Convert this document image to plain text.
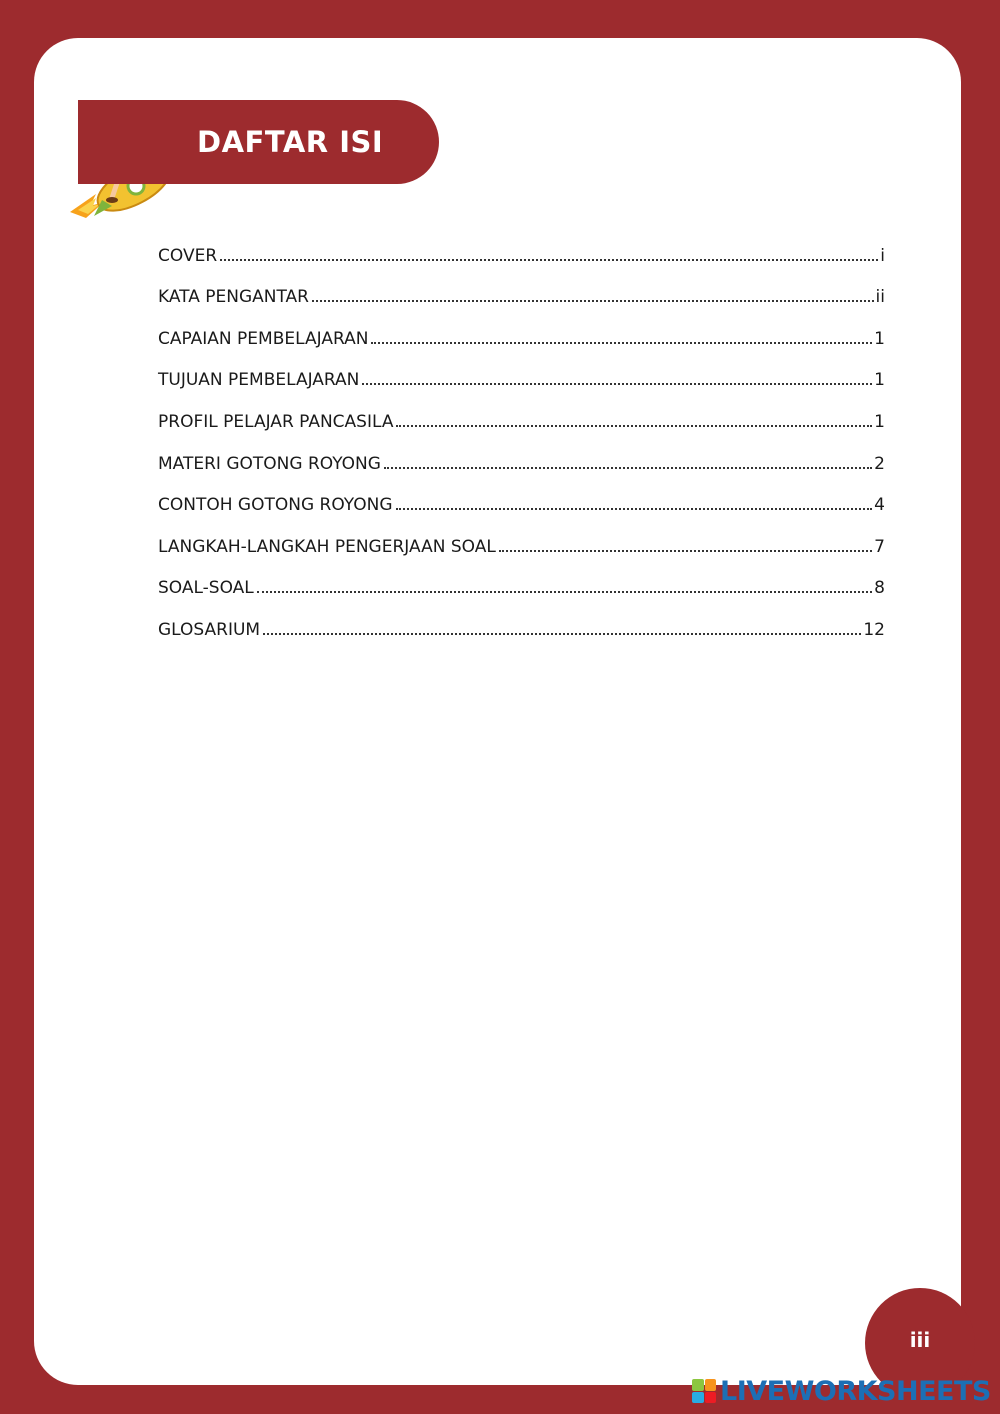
DAFTAR ISI
COVER	i
KATA PENGANTAR	ii
CAPAIAN PEMBELAJARAN	1
TUJUAN PEMBELAJARAN	1
PROFIL PELAJAR PANCASILA	1
MATERI GOTONG ROYONG	2
CONTOH GOTONG ROYONG	4
LANGKAH-LANGKAH PENGERJAAN SOAL	7
SOAL-SOAL	8
GLOSARIUM	12
iii
LIVEWORKSHEETS
